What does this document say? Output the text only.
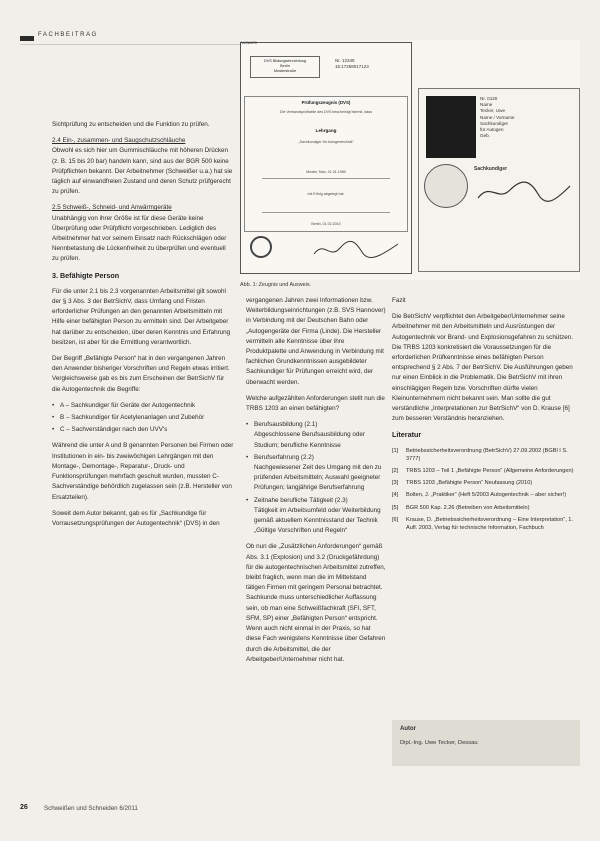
FACHBEITRAG
Ausweis
DVS Bildungseinrichtung
Berlin
Musterstraße
Nr. 12345
16:17258017123
Prüfungszeugnis (DVS)
Die Verbandsprüfstelle des DVS bescheinigt hiermit, dass
Lehrgang
„Sachkundiger für Autogentechnik“
Muster, Max, 01.01.1980
mit Erfolg abgelegt hat.
Berlin, 01.02.2010
Nr. 0120
Name
Tecker, Uwe
Name / Vorname
Sachkundiger
für Autogen
Geb.
Sachkundiger
Abb. 1: Zeugnis und Ausweis.

Sichtprüfung zu entscheiden und die Funktion zu prüfen.

2.4 Ein-, zusammen- und Saugschutzschläuche

Obwohl es sich hier um Gummischläuche mit höheren Drücken (z. B. 15 bis 20 bar) handeln kann, sind aus der BGR 500 keine Prüfpflichten bekannt. Der Arbeitnehmer (Schweißer u.a.) hat sie täglich auf einwandfreien Zustand und deren Schutz prüfgerecht zu prüfen.

2.5 Schweiß-, Schneid- und Anwärmgeräte

Unabhängig von ihrer Größe ist für diese Geräte keine Überprüfung oder Prüfpflicht vorgeschrieben. Lediglich des Arbeitnehmer hat vor seinem Einsatz nach Rückschlägen oder Nennbetastung die Lückenfreiheit zu überprüfen und eventuell zu prüfen.

3. Befähigte Person

Für die unter 2.1 bis 2.3 vorgenannten Arbeitsmittel gilt sowohl der § 3 Abs. 3 der BetrSichV, dass Umfang und Fristen erforderlicher Prüfungen an den genannten Arbeitsmitteln mit Hilfe einer befähigten Person zu ermitteln sind. Der Arbeitgeber hat darüber zu entscheiden, über deren Kenntnis und Erfahrung besitzen, ist aber für die Ermittlung verantwortlich.

Der Begriff „Befähigte Person“ hat in den vergangenen Jahren den Anwender bisheriger Vorschriften und Regeln etwas irritiert. Vergleichsweise gab es bis zum Erscheinen der BetrSichV für die Autogentechnik die Begriffe:

• A – Sachkundiger für Geräte der Autogentechnik
• B – Sachkundiger für Acetylenanlagen und Zubehör
• C – Sachverständiger nach den UVV's

Während die unter A und B genannten Personen bei Firmen oder Institutionen in ein- bis zweiwöchigen Lehrgängen mit den Montage-, Demontage-, Reparatur-, Druck- und Funktionsprüfungen mehrfach geschult wurden, mussten C-Sachverständige behördlich zugelassen sein (z.B. Hersteller von Ersatzteilen).

Soweit dem Autor bekannt, gab es für „Sachkundige für Vorrausetzungsprüfungen der Autogentechnik“ (DVS) in den

vergangenen Jahren zwei Informationen bzw. Weiterbildungseinrichtungen (z.B. SVS Hannover) in Verbindung mit der Deutschen Bahn oder „Autogengeräte der Firma (Linde). Die Hersteller vermitteln alle Kenntnisse über ihre Produktpalette und Anwendung in Verbindung mit fachlichen Grundkenntnissen ausgebildeter Sachkundiger für Prüfungen erreicht wird, der überwacht werden.

Welche aufgezählten Anforderungen stellt nun die TRBS 1203 an einen befähigten?

• Berufsausbildung (2.1)
Abgeschlossene Berufsausbildung oder Studium; berufliche Kenntnisse
• Berufserfahrung (2.2)
Nachgewiesener Zeit des Umgang mit den zu prüfenden Arbeitsmitteln; Auswahl geeigneter Prüfungen; langjährige Berufserfahrung
• Zeitnahe berufliche Tätigkeit (2.3)
Tätigkeit im Arbeitsumfeld oder Weiterbildung gemäß aktuellem Kenntnisstand der Technik „Gültige Vorschriften und Regeln“

Ob nun die „Zusätzlichen Anforderungen“ gemäß Abs. 3.1 (Explosion) und 3.2 (Druckgefährdung) für die autogentechnischen Arbeitsmittel zutreffen, bleibt fraglich, wenn man die im Mittelstand tätigen Firmen mit geringem Personal betrachtet. Sachkunde muss unterschiedlicher Auffassung sein, ob man eine Schweißfachkraft (SFI, SFT, SFM, SP) einer „Befähigten Person“ entspricht. Wenn auch nicht einmal in der Praxis, so hat diese Fach wenigstens Kenntnisse über Gefahren durch die Arbeitsmittel, die der Arbeitgeber/Unternehmer nicht hat.

Fazit

Die BetrSichV verpflichtet den Arbeitgeber/Unternehmer seine Arbeitnehmer mit den Arbeitsmitteln und Ausrüstungen der Autogentechnik vor Brand- und Explosionsgefahren zu schützen. Die TRBS 1203 konkretisiert die Voraussetzungen für die erforderlichen Prüfkenntnisse eines befähigten Person entsprechend § 2 Abs. 7 der BetrSichV. Die Ausführungen geben nur einen Einblick in die Problematik. Die BetrSichV mit ihren einschlägigen Regeln bzw. Vorschriften dürfte vielen Kleinunternehmern nicht bekannt sein. Man sollte die gut verständliche „Interpretationen zur BetrSichV“ von D. Krause [6] zum besseren Verständnis heranziehen.

Literatur
[1]	Betriebssicherheitsverordnung (BetrSichV) 27.09.2002 (BGBl I S. 3777)
[2]	TRBS 1203 – Teil 1 „Befähigte Person“ (Allgemeine Anforderungen)
[3]	TRBS 1203 „Befähigte Person“ Neufassung (2010)
[4]	Bolten, J. „Praktiker“ (Heft 5/2003 Autogentechnik – aber sicher!)
[5]	BGR 500 Kap. 2.26 (Betreiben von Arbeitsmitteln)
[6]	Krause, D. „Betriebssicherheitsverordnung – Eine Interpretation“, 1. Aufl. 2003, Verlag für technische Information, Fachbuch
Autor
Dipl.-Ing. Uwe Tecker, Dessau
26	Schweißen und Schneiden 6/2011
